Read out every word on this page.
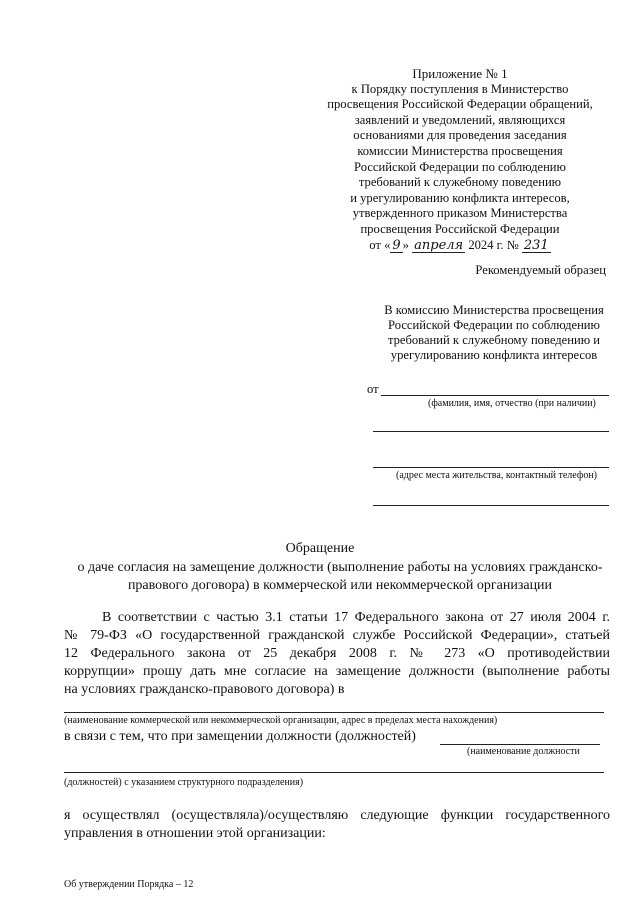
Приложение № 1
к Порядку поступления в Министерство
просвещения Российской Федерации обращений,
заявлений и уведомлений, являющихся
основаниями для проведения заседания
комиссии Министерства просвещения
Российской Федерации по соблюдению
требований к служебному поведению
и урегулированию конфликта интересов,
утвержденного приказом Министерства
просвещения Российской Федерации
от « 9 » апреля 2024 г. № 231
Рекомендуемый образец
В комиссию Министерства просвещения
Российской Федерации по соблюдению
требований к служебному поведению и
урегулированию конфликта интересов
от
(фамилия, имя, отчество (при наличии)
(адрес места жительства, контактный телефон)
Обращение
о даче согласия на замещение должности (выполнение работы на условиях гражданско-правового договора) в коммерческой или некоммерческой организации
В соответствии с частью 3.1 статьи 17 Федерального закона от 27 июля 2004 г.
№ 79-ФЗ «О государственной гражданской службе Российской Федерации», статьей
12 Федерального закона от 25 декабря 2008 г. № 273 «О противодействии
коррупции» прошу дать мне согласие на замещение должности (выполнение работы
на условиях гражданско-правового договора) в
(наименование коммерческой или некоммерческой организации, адрес в пределах места нахождения)
в связи с тем, что при замещении должности (должностей)
(наименование должности
(должностей) с указанием структурного подразделения)
я осуществлял (осуществляла)/осуществляю следующие функции государственного
управления в отношении этой организации:
Об утверждении Порядка – 12
